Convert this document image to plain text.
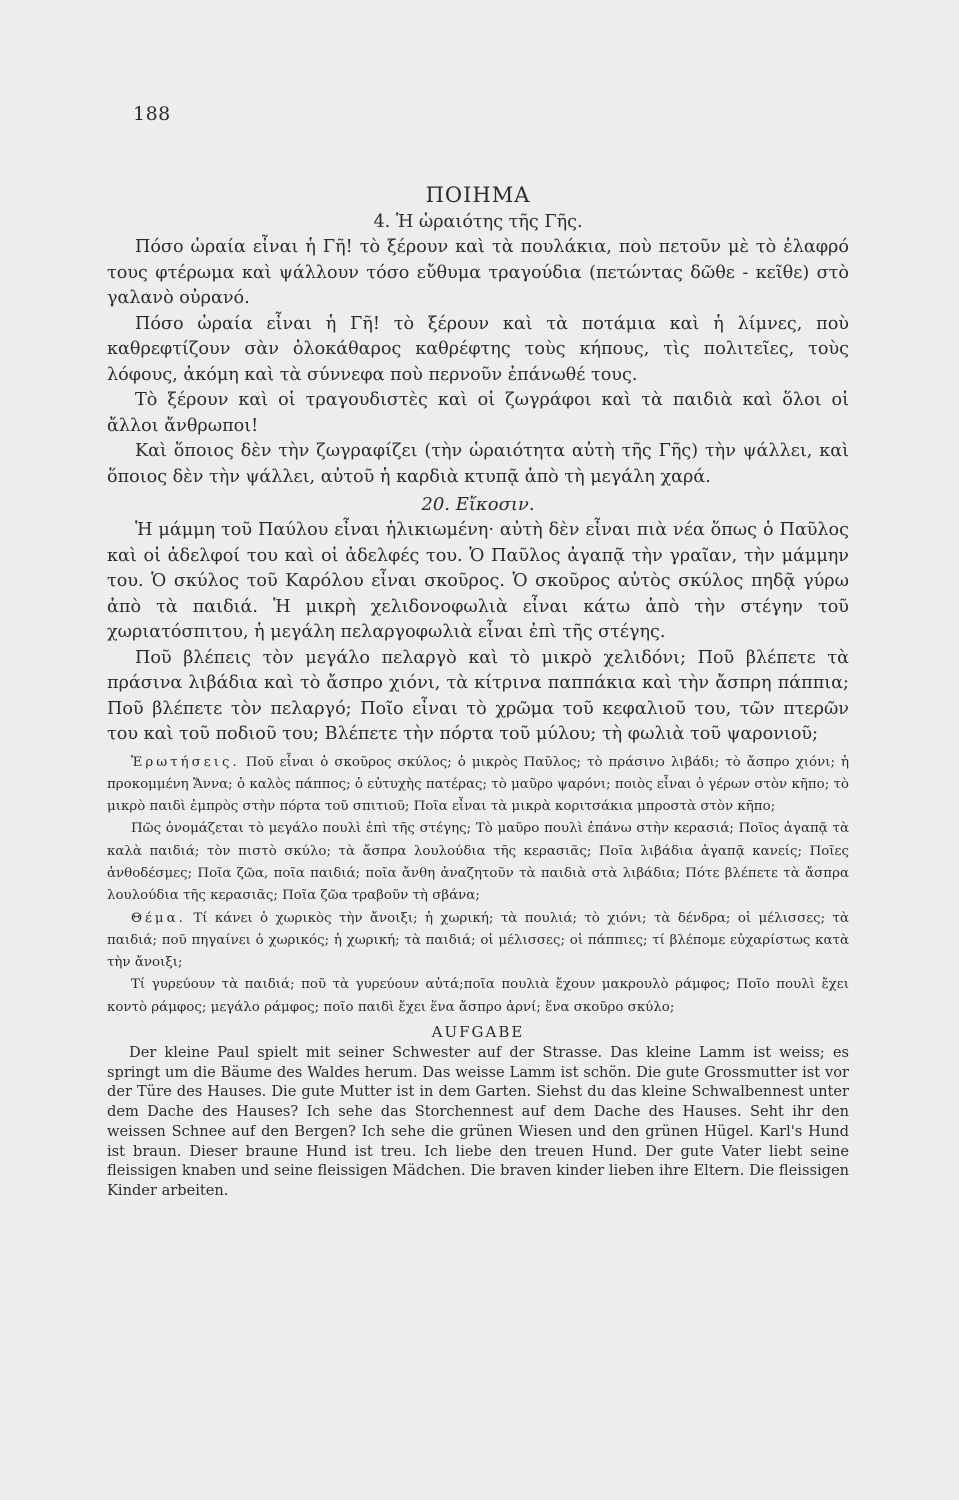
188
ΠΟΙΗΜΑ
4. Ἡ ὡραιότης τῆς Γῆς.

Πόσο ὡραία εἶναι ἡ Γῆ! τὸ ξέρουν καὶ τὰ πουλάκια, ποὺ πετοῦν μὲ τὸ ἐλαφρό τους φτέρωμα καὶ ψάλλουν τόσο εὔθυμα τραγούδια (πετώντας δῶθε - κεῖθε) στὸ γαλανὸ οὐρανό.

Πόσο ὡραία εἶναι ἡ Γῆ! τὸ ξέρουν καὶ τὰ ποτάμια καὶ ἡ λίμνες, ποὺ καθρεφτίζουν σὰν ὁλοκάθαρος καθρέφτης τοὺς κήπους, τὶς πολιτεῖες, τοὺς λόφους, ἀκόμη καὶ τὰ σύννεφα ποὺ περνοῦν ἐπάνωθέ τους.

Τὸ ξέρουν καὶ οἱ τραγουδιστὲς καὶ οἱ ζωγράφοι καὶ τὰ παιδιὰ καὶ ὅλοι οἱ ἄλλοι ἄνθρωποι!

Καὶ ὅποιος δὲν τὴν ζωγραφίζει (τὴν ὡραιότητα αὐτὴ τῆς Γῆς) τὴν ψάλλει, καὶ ὅποιος δὲν τὴν ψάλλει, αὐτοῦ ἡ καρδιὰ κτυπᾷ ἀπὸ τὴ μεγάλη χαρά.

20. Εἴκοσιν.

Ἡ μάμμη τοῦ Παύλου εἶναι ἡλικιωμένη· αὐτὴ δὲν εἶναι πιὰ νέα ὅπως ὁ Παῦλος καὶ οἱ ἀδελφοί του καὶ οἱ ἀδελφές του. Ὁ Παῦλος ἀγαπᾷ τὴν γραῖαν, τὴν μάμμην του. Ὁ σκύλος τοῦ Καρόλου εἶναι σκοῦρος. Ὁ σκοῦρος αὐτὸς σκύλος πηδᾷ γύρω ἀπὸ τὰ παιδιά. Ἡ μικρὴ χελιδονοφωλιὰ εἶναι κάτω ἀπὸ τὴν στέγην τοῦ χωριατόσπιτου, ἡ μεγάλη πελαργοφωλιὰ εἶναι ἐπὶ τῆς στέγης.

Ποῦ βλέπεις τὸν μεγάλο πελαργὸ καὶ τὸ μικρὸ χελιδόνι; Ποῦ βλέπετε τὰ πράσινα λιβάδια καὶ τὸ ἄσπρο χιόνι, τὰ κίτρινα παππάκια καὶ τὴν ἄσπρη πάππια; Ποῦ βλέπετε τὸν πελαργό; Ποῖο εἶναι τὸ χρῶμα τοῦ κεφαλιοῦ του, τῶν πτερῶν του καὶ τοῦ ποδιοῦ του; Βλέπετε τὴν πόρτα τοῦ μύλου; τὴ φωλιὰ τοῦ ψαρονιοῦ;

Ἐρωτήσεις. Ποῦ εἶναι ὁ σκοῦρος σκύλος; ὁ μικρὸς Παῦλος; τὸ πράσινο λιβάδι; τὸ ἄσπρο χιόνι; ἡ προκομμένη Ἄννα; ὁ καλὸς πάππος; ὁ εὐτυχὴς πατέρας; τὸ μαῦρο ψαρόνι; ποιὸς εἶναι ὁ γέρων στὸν κῆπο; τὸ μικρὸ παιδὶ ἐμπρὸς στὴν πόρτα τοῦ σπιτιοῦ; Ποῖα εἶναι τὰ μικρὰ κοριτσάκια μπροστὰ στὸν κῆπο;

Πῶς ὀνομάζεται τὸ μεγάλο πουλὶ ἐπὶ τῆς στέγης; Τὸ μαῦρο πουλὶ ἐπάνω στὴν κερασιά; Ποῖος ἀγαπᾷ τὰ καλὰ παιδιά; τὸν πιστὸ σκύλο; τὰ ἄσπρα λουλούδια τῆς κερασιᾶς; Ποῖα λιβάδια ἀγαπᾷ κανείς; Ποῖες ἀνθοδέσμες; Ποῖα ζῶα, ποῖα παιδιά; ποῖα ἄνθη ἀναζητοῦν τὰ παιδιὰ στὰ λιβάδια; Πότε βλέπετε τὰ ἄσπρα λουλούδια τῆς κερασιᾶς; Ποῖα ζῶα τραβοῦν τὴ σβάνα;

Θέμα. Τί κάνει ὁ χωρικὸς τὴν ἄνοιξι; ἡ χωρική; τὰ πουλιά; τὸ χιόνι; τὰ δένδρα; οἱ μέλισσες; τὰ παιδιά; ποῦ πηγαίνει ὁ χωρικός; ἡ χωρική; τὰ παιδιά; οἱ μέλισσες; οἱ πάππιες; τί βλέπομε εὐχαρίστως κατὰ τὴν ἄνοιξι;

Τί γυρεύουν τὰ παιδιά; ποῦ τὰ γυρεύουν αὐτά;ποῖα πουλιὰ ἔχουν μακρουλὸ ράμφος; Ποῖο πουλὶ ἔχει κοντὸ ράμφος; μεγάλο ράμφος; ποῖο παιδὶ ἔχει ἕνα ἄσπρο ἀρνί; ἕνα σκοῦρο σκύλο;

AUFGABE

Der kleine Paul spielt mit seiner Schwester auf der Strasse. Das kleine Lamm ist weiss; es springt um die Bäume des Waldes herum. Das weisse Lamm ist schön. Die gute Grossmutter ist vor der Türe des Hauses. Die gute Mutter ist in dem Garten. Siehst du das kleine Schwalbennest unter dem Dache des Hauses? Ich sehe das Storchennest auf dem Dache des Hauses. Seht ihr den weissen Schnee auf den Bergen? Ich sehe die grünen Wiesen und den grünen Hügel. Karl's Hund ist braun. Dieser braune Hund ist treu. Ich liebe den treuen Hund. Der gute Vater liebt seine fleissigen knaben und seine fleissigen Mädchen. Die braven kinder lieben ihre Eltern. Die fleissigen Kinder arbeiten.
